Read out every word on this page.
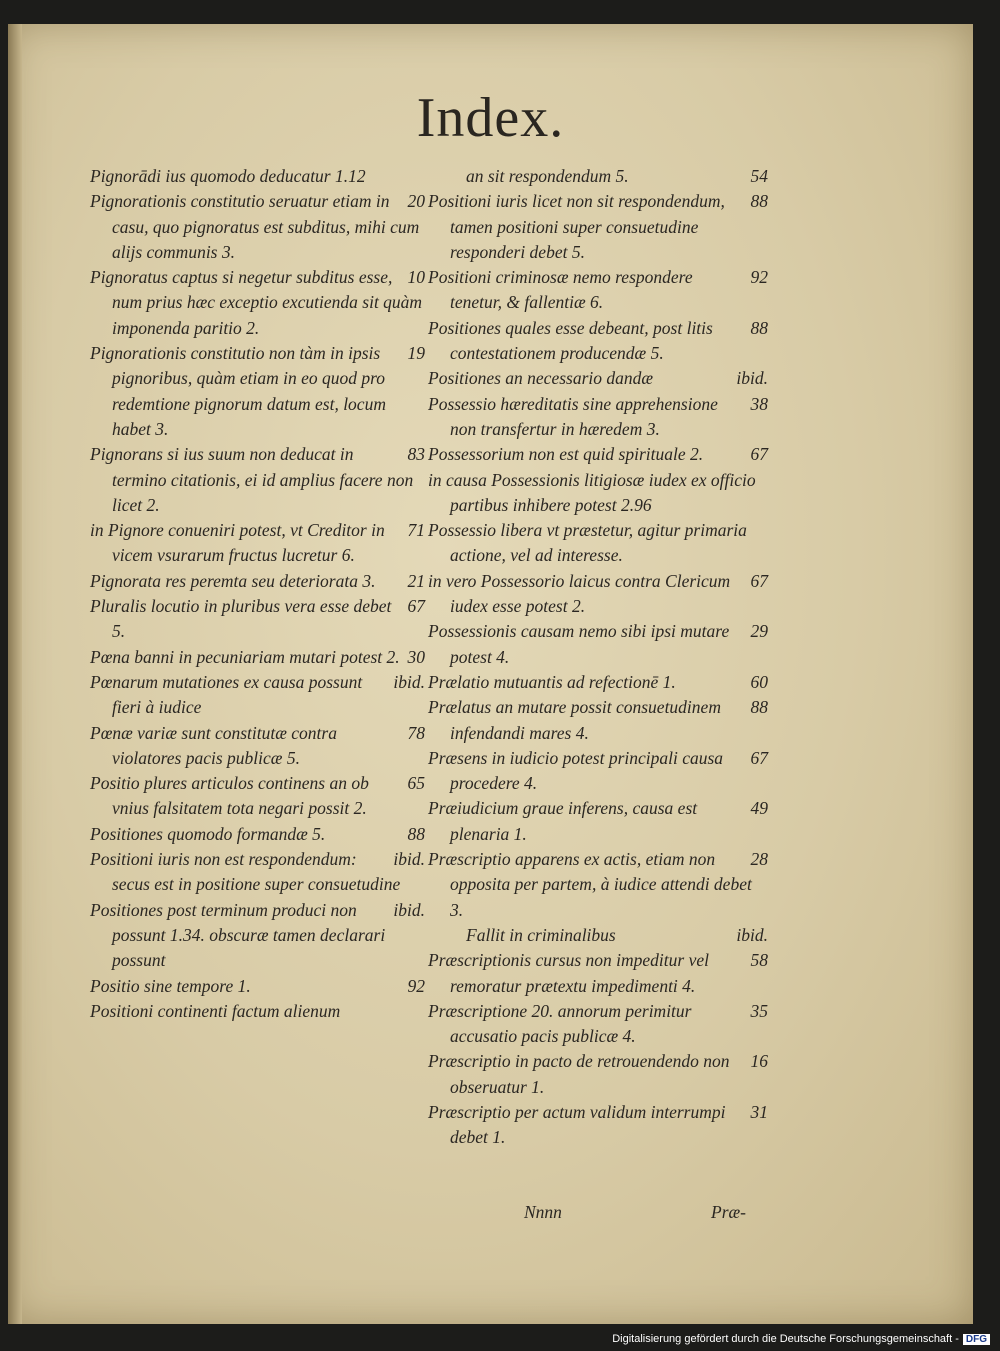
Index.
Pignorādi ius quomodo deducatur 1.12
20
Pignorationis constitutio seruatur etiam in casu, quo pignoratus est subditus, mihi cum alijs communis 3.
10
Pignoratus captus si negetur subditus esse, num prius hæc exceptio excutienda sit quàm imponenda paritio 2.
19
Pignorationis constitutio non tàm in ipsis pignoribus, quàm etiam in eo quod pro redemtione pignorum datum est, locum habet 3.
83
Pignorans si ius suum non deducat in termino citationis, ei id amplius facere non licet 2.
71
in Pignore conueniri potest, vt Creditor in vicem vsurarum fructus lucretur 6.
21
Pignorata res peremta seu deteriorata 3.
67
Pluralis locutio in pluribus vera esse debet 5.
30
Pœna banni in pecuniariam mutari potest 2.
ibid.
Pœnarum mutationes ex causa possunt fieri à iudice
78
Pœnæ variæ sunt constitutæ contra violatores pacis publicæ 5.
65
Positio plures articulos continens an ob vnius falsitatem tota negari possit 2.
88
Positiones quomodo formandæ 5.
ibid.
Positioni iuris non est respondendum: secus est in positione super consuetudine
ibid.
Positiones post terminum produci non possunt 1.34. obscuræ tamen declarari possunt
92
Positio sine tempore 1.
Positioni continenti factum alienum
54
an sit respondendum 5.
88
Positioni iuris licet non sit respondendum, tamen positioni super consuetudine responderi debet 5.
92
Positioni criminosæ nemo respondere tenetur, & fallentiæ 6.
88
Positiones quales esse debeant, post litis contestationem producendæ 5.
ibid.
Positiones an necessario dandæ
38
Possessio hæreditatis sine apprehensione non transfertur in hæredem 3.
67
Possessorium non est quid spirituale 2.
in causa Possessionis litigiosæ iudex ex officio partibus inhibere potest 2.96
Possessio libera vt præstetur, agitur primaria actione, vel ad interesse.
67
in vero Possessorio laicus contra Clericum iudex esse potest 2.
29
Possessionis causam nemo sibi ipsi mutare potest 4.
60
Prælatio mutuantis ad refectionē 1.
88
Prælatus an mutare possit consuetudinem infendandi mares 4.
67
Præsens in iudicio potest principali causa procedere 4.
49
Præiudicium graue inferens, causa est plenaria 1.
28
Præscriptio apparens ex actis, etiam non opposita per partem, à iudice attendi debet 3.
ibid.
Fallit in criminalibus
58
Præscriptionis cursus non impeditur vel remoratur prætextu impedimenti 4.
35
Præscriptione 20. annorum perimitur accusatio pacis publicæ 4.
16
Præscriptio in pacto de retrouendendo non obseruatur 1.
31
Præscriptio per actum validum interrumpi debet 1.
Nnnn	Præ-
Digitalisierung gefördert durch die Deutsche Forschungsgemeinschaft - DFG
